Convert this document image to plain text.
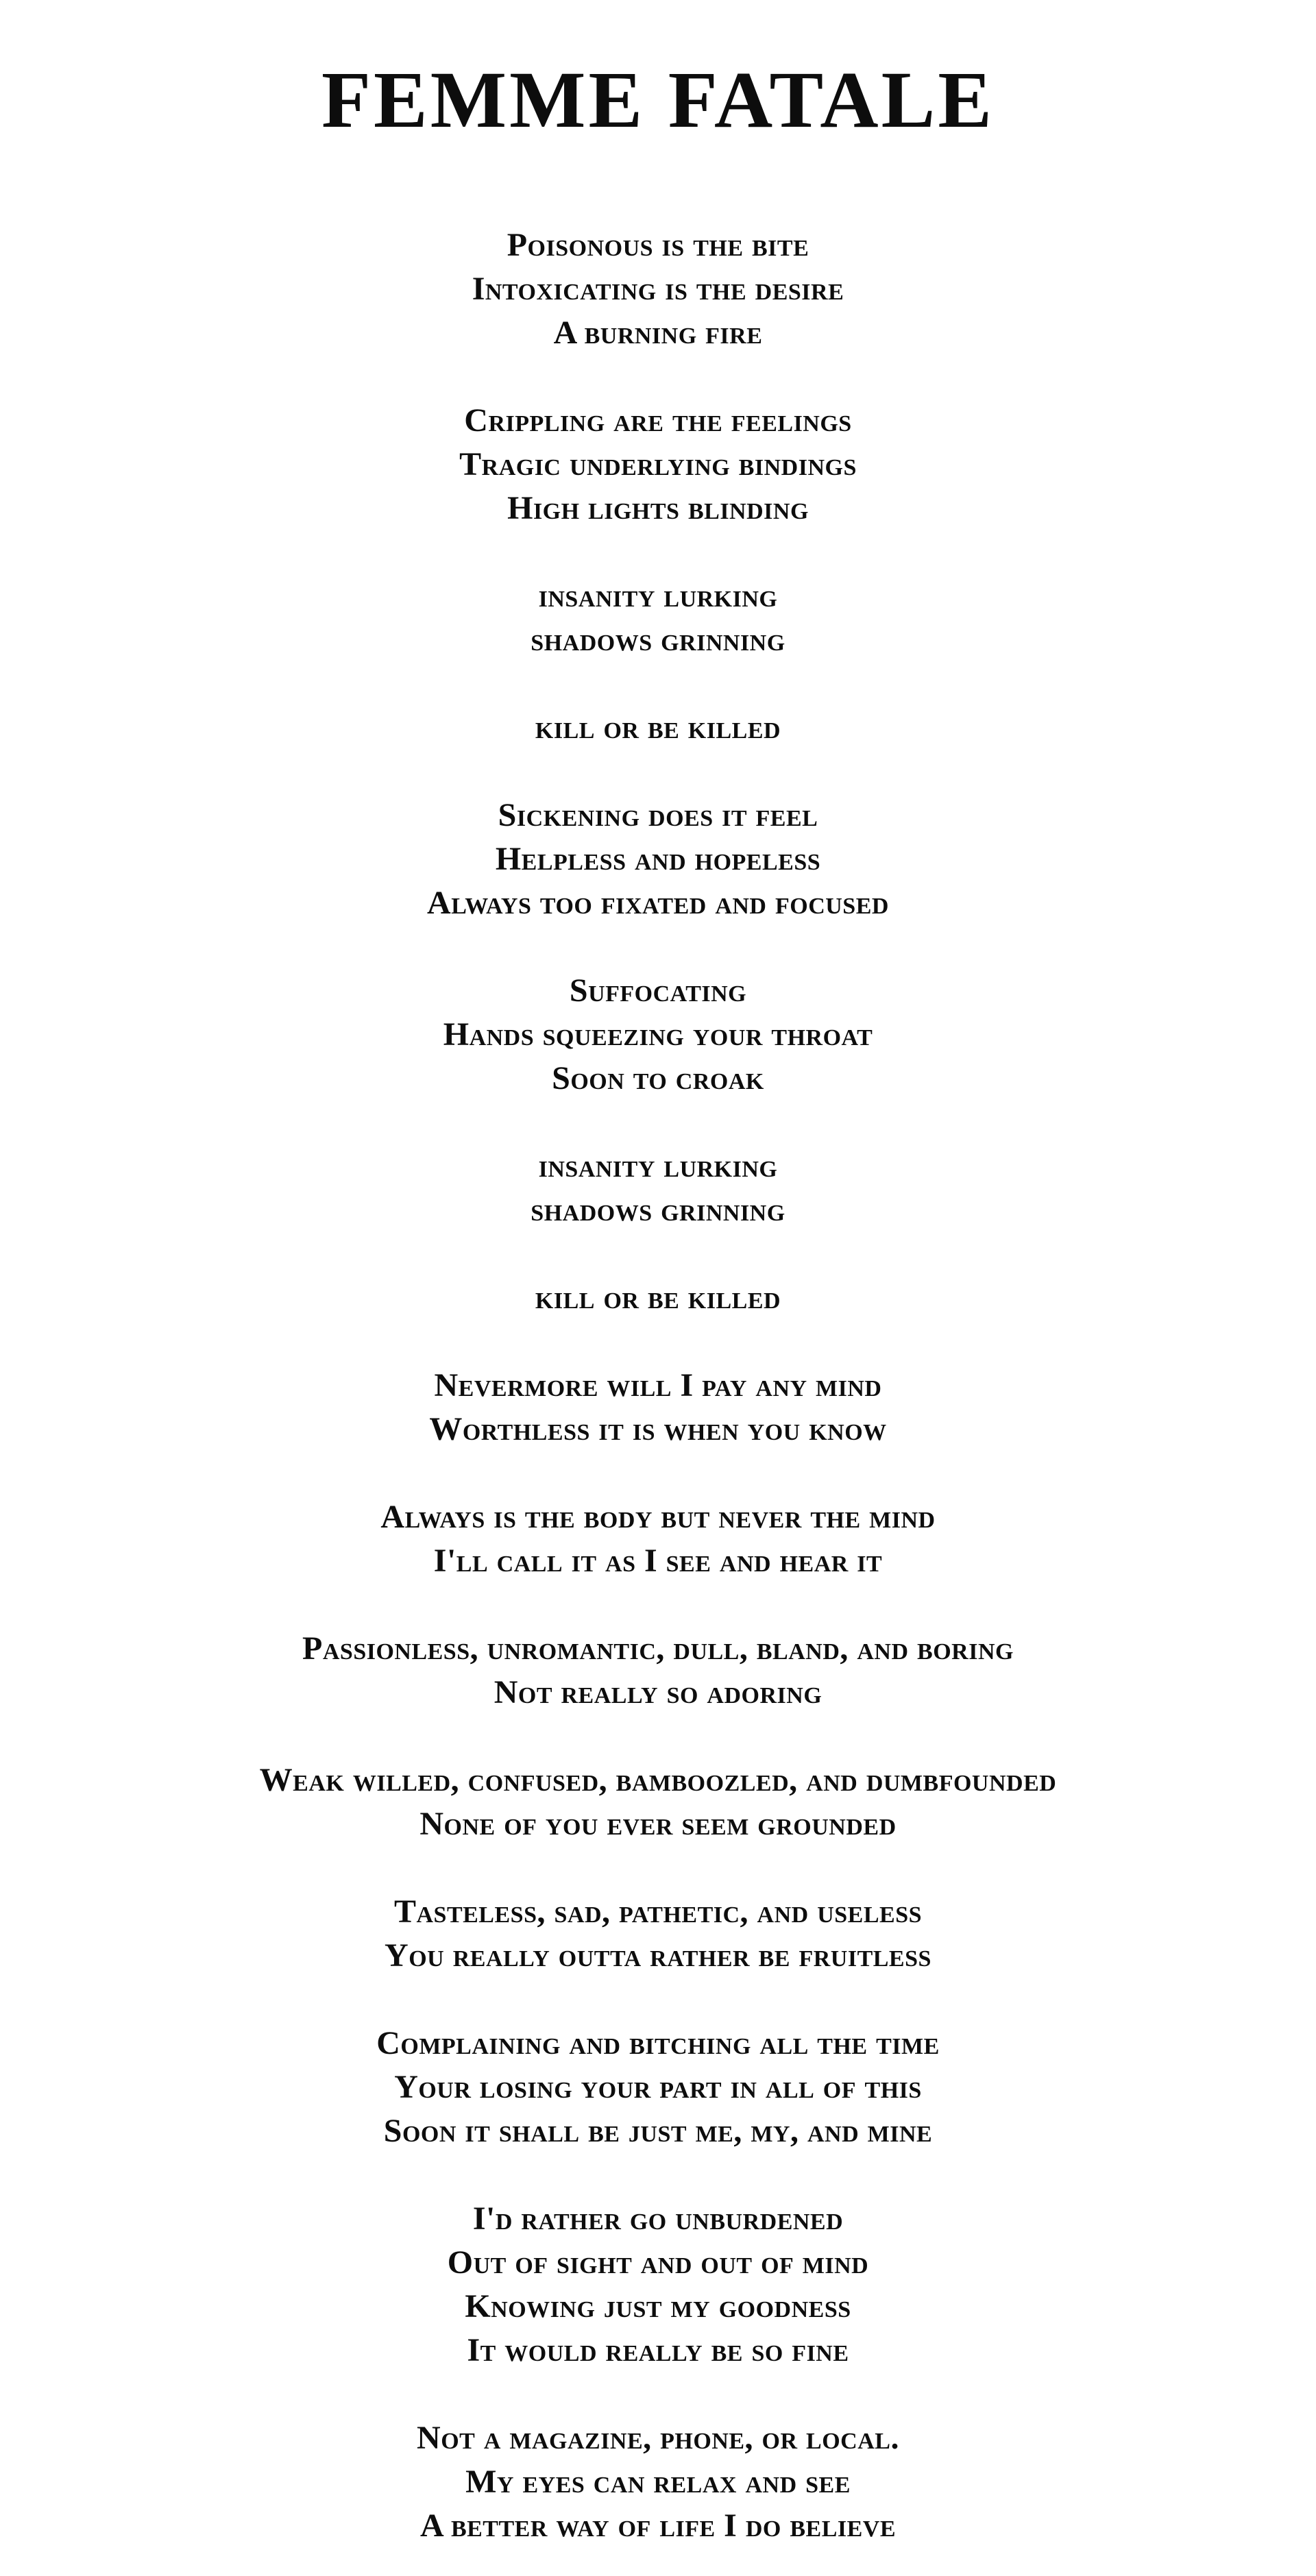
FEMME FATALE
Poisonous is the bite
Intoxicating is the desire
A burning fire
Crippling are the feelings
Tragic underlying bindings
High lights blinding
insanity lurking
shadows grinning
kill or be killed
Sickening does it feel
Helpless and hopeless
Always too fixated and focused
Suffocating
Hands squeezing your throat
Soon to croak
insanity lurking
shadows grinning
kill or be killed
Nevermore will I pay any mind
Worthless it is when you know
Always is the body but never the mind
I'll call it as I see and hear it
Passionless, unromantic, dull, bland, and boring
Not really so adoring
Weak willed, confused, bamboozled, and dumbfounded
None of you ever seem grounded
Tasteless, sad, pathetic, and useless
You really outta rather be fruitless
Complaining and bitching all the time
Your losing your part in all of this
Soon it shall be just me, my, and mine
I'd rather go unburdened
Out of sight and out of mind
Knowing just my goodness
It would really be so fine
Not a magazine, phone, or local.
My eyes can relax and see
A better way of life I do believe
